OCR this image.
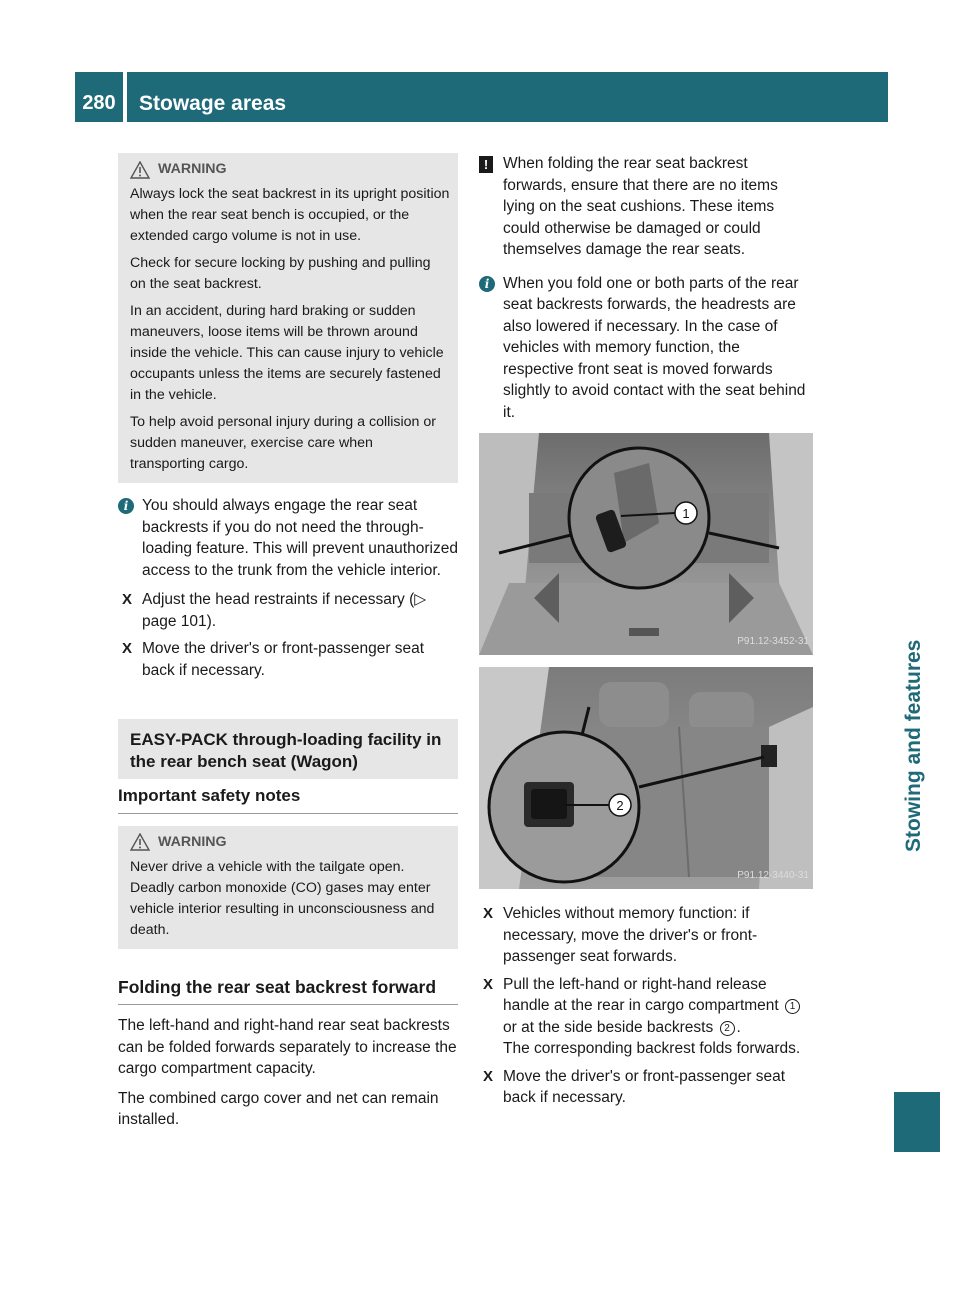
280	Stowage areas
Stowing and features
WARNING

Always lock the seat backrest in its upright position when the rear seat bench is occupied, or the extended cargo volume is not in use.

Check for secure locking by pushing and pulling on the seat backrest.

In an accident, during hard braking or sudden maneuvers, loose items will be thrown around inside the vehicle. This can cause injury to vehicle occupants unless the items are securely fastened in the vehicle.

To help avoid personal injury during a collision or sudden maneuver, exercise care when transporting cargo.

i You should always engage the rear seat backrests if you do not need the through-loading feature. This will prevent unauthorized access to the trunk from the vehicle interior.
X Adjust the head restraints if necessary (▷ page 101).
X Move the driver's or front-passenger seat back if necessary.
EASY-PACK through-loading facility in the rear bench seat (Wagon)
Important safety notes
WARNING

Never drive a vehicle with the tailgate open. Deadly carbon monoxide (CO) gases may enter vehicle interior resulting in unconsciousness and death.

Folding the rear seat backrest forward

The left-hand and right-hand rear seat backrests can be folded forwards separately to increase the cargo compartment capacity.

The combined cargo cover and net can remain installed.

! When folding the rear seat backrest forwards, ensure that there are no items lying on the seat cushions. These items could otherwise be damaged or could themselves damage the rear seats.
i When you fold one or both parts of the rear seat backrests forwards, the headrests are also lowered if necessary. In the case of vehicles with memory function, the respective front seat is moved forwards slightly to avoid contact with the seat behind it.
1
P91.12-3452-31
2
P91.12-3440-31
X Vehicles without memory function: if necessary, move the driver's or front-passenger seat forwards.
X Pull the left-hand or right-hand release handle at the rear in cargo compartment 1 or at the side beside backrests 2 .
The corresponding backrest folds forwards.
X Move the driver's or front-passenger seat back if necessary.
